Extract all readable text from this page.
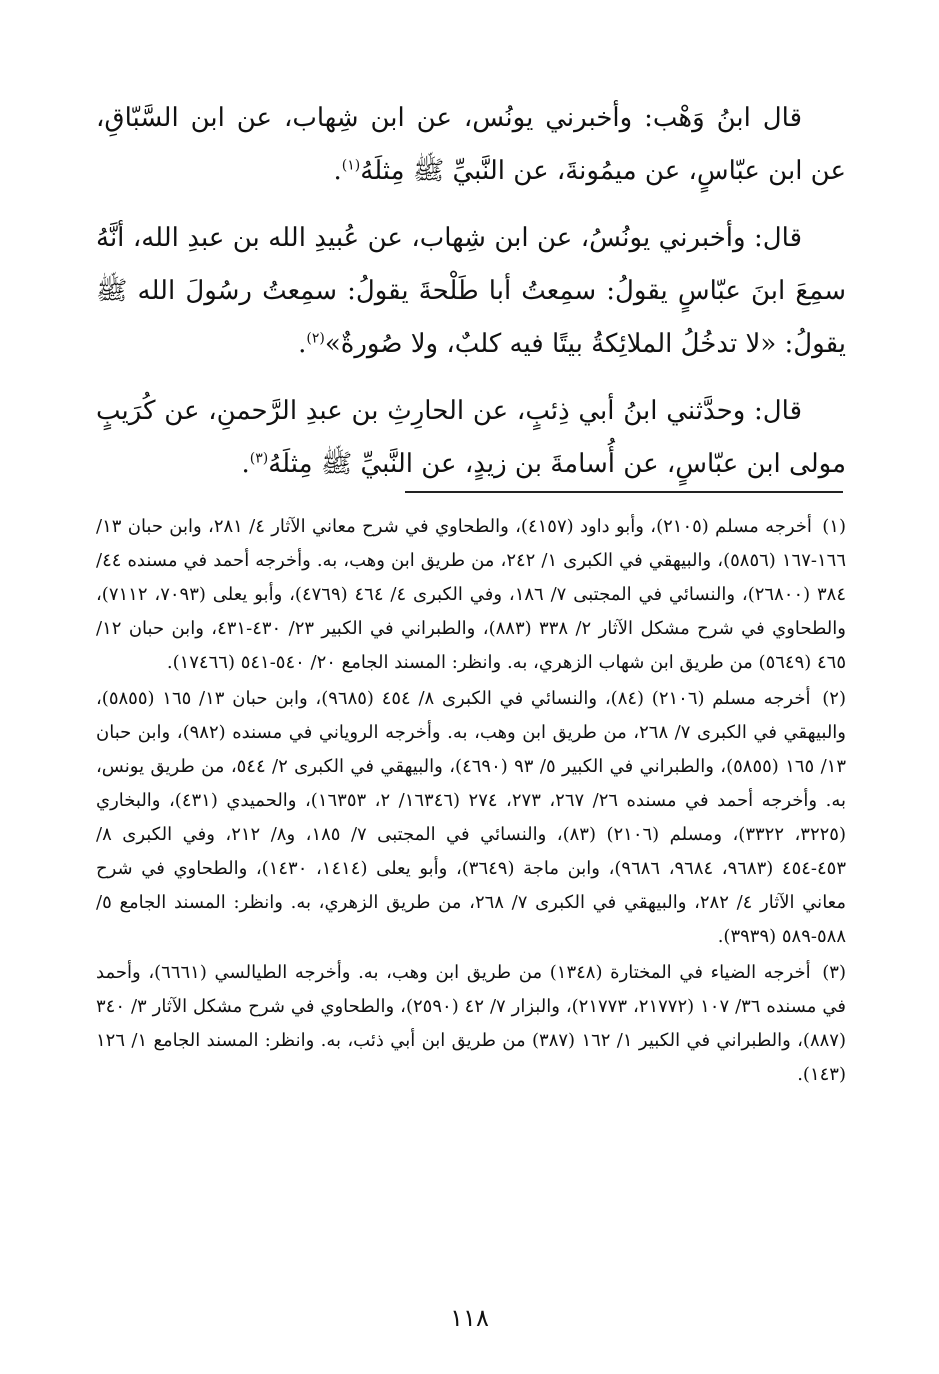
قال ابنُ وَهْب: وأخبرني يونُس، عن ابن شِهاب، عن ابن السَّبّاقِ، عن ابن عبّاسٍ، عن ميمُونةَ، عن النَّبيِّ ﷺ مِثلَهُ$^{(١)}$.

قال: وأخبرني يونُسُ، عن ابن شِهاب، عن عُبيدِ الله بن عبدِ الله، أنَّهُ سمِعَ ابنَ عبّاسٍ يقولُ: سمِعتُ أبا طَلْحةَ يقولُ: سمِعتُ رسُولَ الله ﷺ يقولُ: «لا تدخُلُ الملائِكةُ بيتًا فيه كلبٌ، ولا صُورةٌ»$^{(٢)}$.

قال: وحدَّثني ابنُ أبي ذِئبٍ، عن الحارِثِ بن عبدِ الرَّحمنِ، عن كُرَيبٍ مولى ابن عبّاسٍ، عن أُسامةَ بن زيدٍ، عن النَّبيِّ ﷺ مِثلَهُ$^{(٣)}$.

(١) أخرجه مسلم (٢١٠٥)، وأبو داود (٤١٥٧)، والطحاوي في شرح معاني الآثار ٤/ ٢٨١، وابن حبان ١٣/ ١٦٦-١٦٧ (٥٨٥٦)، والبيهقي في الكبرى ١/ ٢٤٢، من طريق ابن وهب، به. وأخرجه أحمد في مسنده ٤٤/ ٣٨٤ (٢٦٨٠٠)، والنسائي في المجتبى ٧/ ١٨٦، وفي الكبرى ٤/ ٤٦٤ (٤٧٦٩)، وأبو يعلى (٧٠٩٣، ٧١١٢)، والطحاوي في شرح مشكل الآثار ٢/ ٣٣٨ (٨٨٣)، والطبراني في الكبير ٢٣/ ٤٣٠-٤٣١، وابن حبان ١٢/ ٤٦٥ (٥٦٤٩) من طريق ابن شهاب الزهري، به. وانظر: المسند الجامع ٢٠/ ٥٤٠-٥٤١ (١٧٤٦٦).

(٢) أخرجه مسلم (٢١٠٦) (٨٤)، والنسائي في الكبرى ٨/ ٤٥٤ (٩٦٨٥)، وابن حبان ١٣/ ١٦٥ (٥٨٥٥)، والبيهقي في الكبرى ٧/ ٢٦٨، من طريق ابن وهب، به. وأخرجه الروياني في مسنده (٩٨٢)، وابن حبان ١٣/ ١٦٥ (٥٨٥٥)، والطبراني في الكبير ٥/ ٩٣ (٤٦٩٠)، والبيهقي في الكبرى ٢/ ٥٤٤، من طريق يونس، به. وأخرجه أحمد في مسنده ٢٦/ ٢٦٧، ٢٧٣، ٢٧٤ (١٦٣٤٦/ ٢، ١٦٣٥٣)، والحميدي (٤٣١)، والبخاري (٣٢٢٥، ٣٣٢٢)، ومسلم (٢١٠٦) (٨٣)، والنسائي في المجتبى ٧/ ١٨٥، و٨/ ٢١٢، وفي الكبرى ٨/ ٤٥٣-٤٥٤ (٩٦٨٣، ٩٦٨٤، ٩٦٨٦)، وابن ماجة (٣٦٤٩)، وأبو يعلى (١٤١٤، ١٤٣٠)، والطحاوي في شرح معاني الآثار ٤/ ٢٨٢، والبيهقي في الكبرى ٧/ ٢٦٨، من طريق الزهري، به. وانظر: المسند الجامع ٥/ ٥٨٨-٥٨٩ (٣٩٣٩).

(٣) أخرجه الضياء في المختارة (١٣٤٨) من طريق ابن وهب، به. وأخرجه الطيالسي (٦٦٦١)، وأحمد في مسنده ٣٦/ ١٠٧ (٢١٧٧٢، ٢١٧٧٣)، والبزار ٧/ ٤٢ (٢٥٩٠)، والطحاوي في شرح مشكل الآثار ٣/ ٣٤٠ (٨٨٧)، والطبراني في الكبير ١/ ١٦٢ (٣٨٧) من طريق ابن أبي ذئب، به. وانظر: المسند الجامع ١/ ١٢٦ (١٤٣).

١١٨
